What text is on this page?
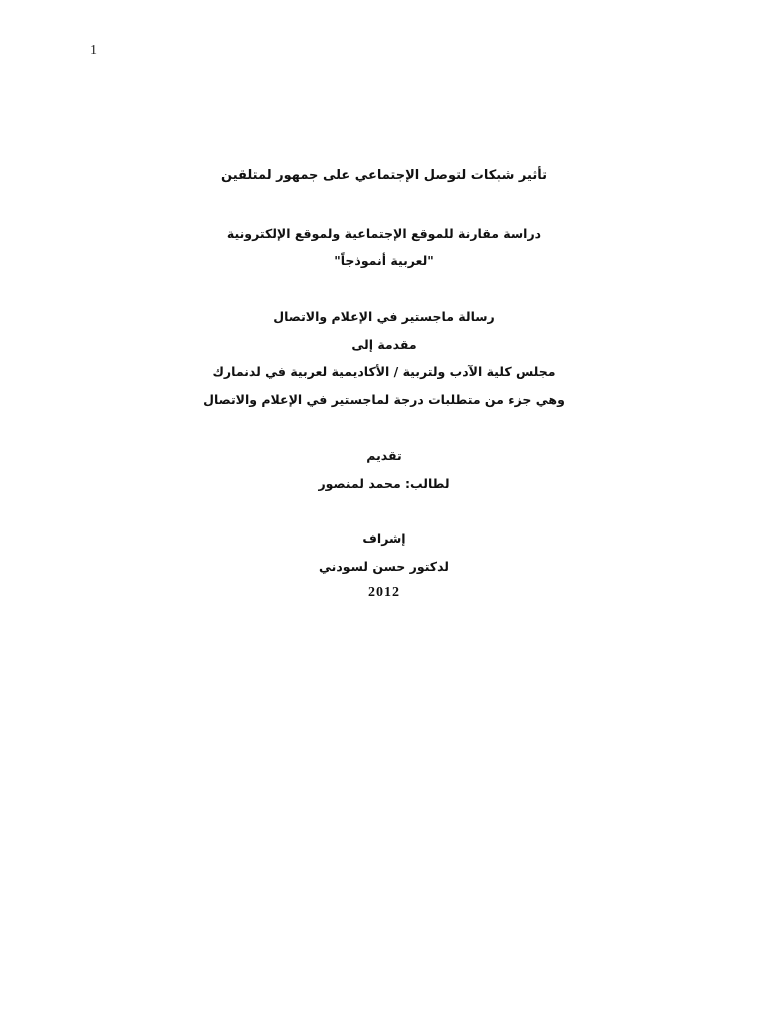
1
تأثير شبكات لتوصل الإجتماعي على جمهور لمتلقين
دراسة مقارنة للموقع الإجتماعية ولموقع الإلكترونية
"لعربية أنموذجاً"
رسالة ماجستير في الإعلام والاتصال
مقدمة إلى
مجلس كلية الآدب ولتربية / الأكاديمية لعربية في لدنمارك
وهي جزء من متطلبات درجة لماجستير في الإعلام والاتصال
تقديم
لطالب: محمد لمنصور
إشراف
لدكتور حسن لسودني
2012
